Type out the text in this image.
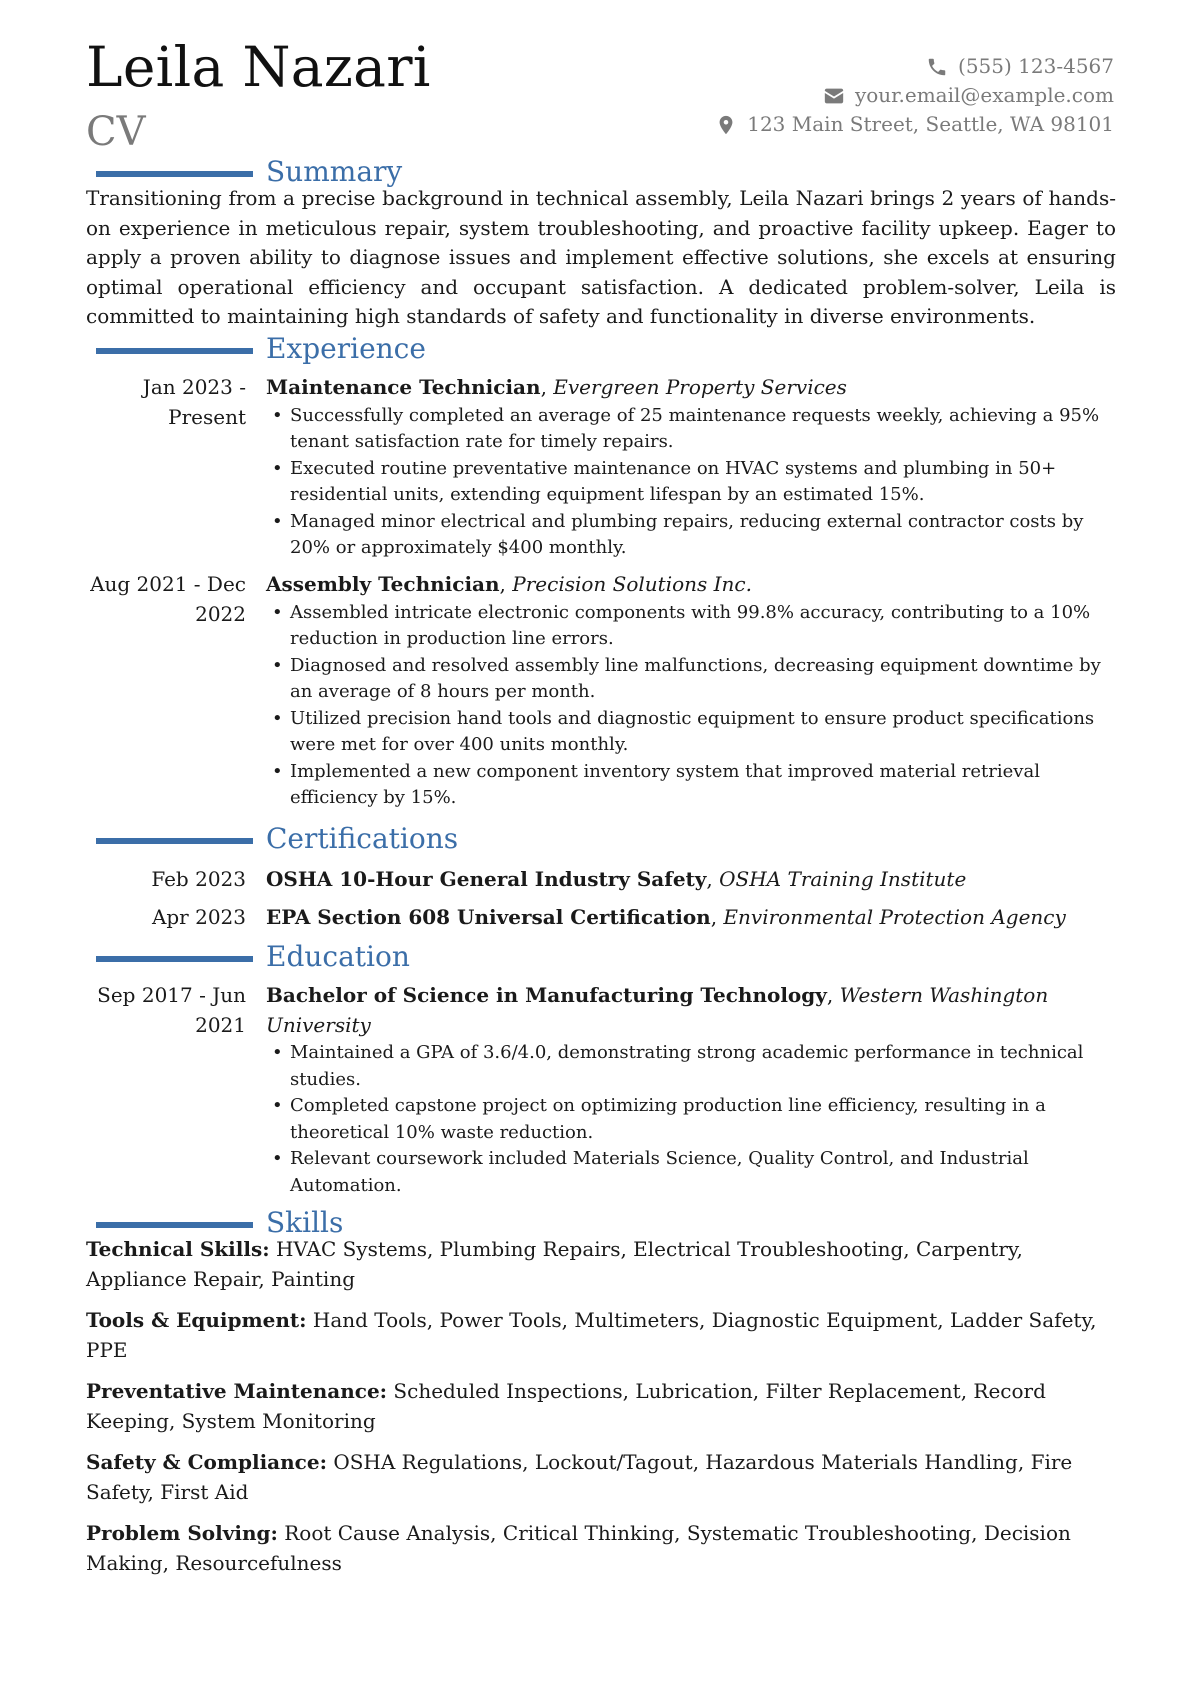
Leila Nazari
CV
(555) 123-4567
your.email@example.com
123 Main Street, Seattle, WA 98101
Summary
Transitioning from a precise background in technical assembly, Leila Nazari brings 2 years of hands-on experience in meticulous repair, system troubleshooting, and proactive facility upkeep. Eager to apply a proven ability to diagnose issues and implement effective solutions, she excels at ensuring optimal operational efficiency and occupant satisfaction. A dedicated problem-solver, Leila is committed to maintaining high standards of safety and functionality in diverse environments.
Experience
Jan 2023 - Present
Maintenance Technician, Evergreen Property Services
• Successfully completed an average of 25 maintenance requests weekly, achieving a 95% tenant satisfaction rate for timely repairs.
• Executed routine preventative maintenance on HVAC systems and plumbing in 50+ residential units, extending equipment lifespan by an estimated 15%.
• Managed minor electrical and plumbing repairs, reducing external contractor costs by 20% or approximately $400 monthly.
Aug 2021 - Dec 2022
Assembly Technician, Precision Solutions Inc.
• Assembled intricate electronic components with 99.8% accuracy, contributing to a 10% reduction in production line errors.
• Diagnosed and resolved assembly line malfunctions, decreasing equipment downtime by an average of 8 hours per month.
• Utilized precision hand tools and diagnostic equipment to ensure product specifications were met for over 400 units monthly.
• Implemented a new component inventory system that improved material retrieval efficiency by 15%.
Certifications
Feb 2023 OSHA 10-Hour General Industry Safety, OSHA Training Institute
Apr 2023 EPA Section 608 Universal Certification, Environmental Protection Agency
Education
Sep 2017 - Jun 2021
Bachelor of Science in Manufacturing Technology, Western Washington University
• Maintained a GPA of 3.6/4.0, demonstrating strong academic performance in technical studies.
• Completed capstone project on optimizing production line efficiency, resulting in a theoretical 10% waste reduction.
• Relevant coursework included Materials Science, Quality Control, and Industrial Automation.
Skills
Technical Skills: HVAC Systems, Plumbing Repairs, Electrical Troubleshooting, Carpentry, Appliance Repair, Painting
Tools & Equipment: Hand Tools, Power Tools, Multimeters, Diagnostic Equipment, Ladder Safety, PPE
Preventative Maintenance: Scheduled Inspections, Lubrication, Filter Replacement, Record Keeping, System Monitoring
Safety & Compliance: OSHA Regulations, Lockout/Tagout, Hazardous Materials Handling, Fire Safety, First Aid
Problem Solving: Root Cause Analysis, Critical Thinking, Systematic Troubleshooting, Decision Making, Resourcefulness
